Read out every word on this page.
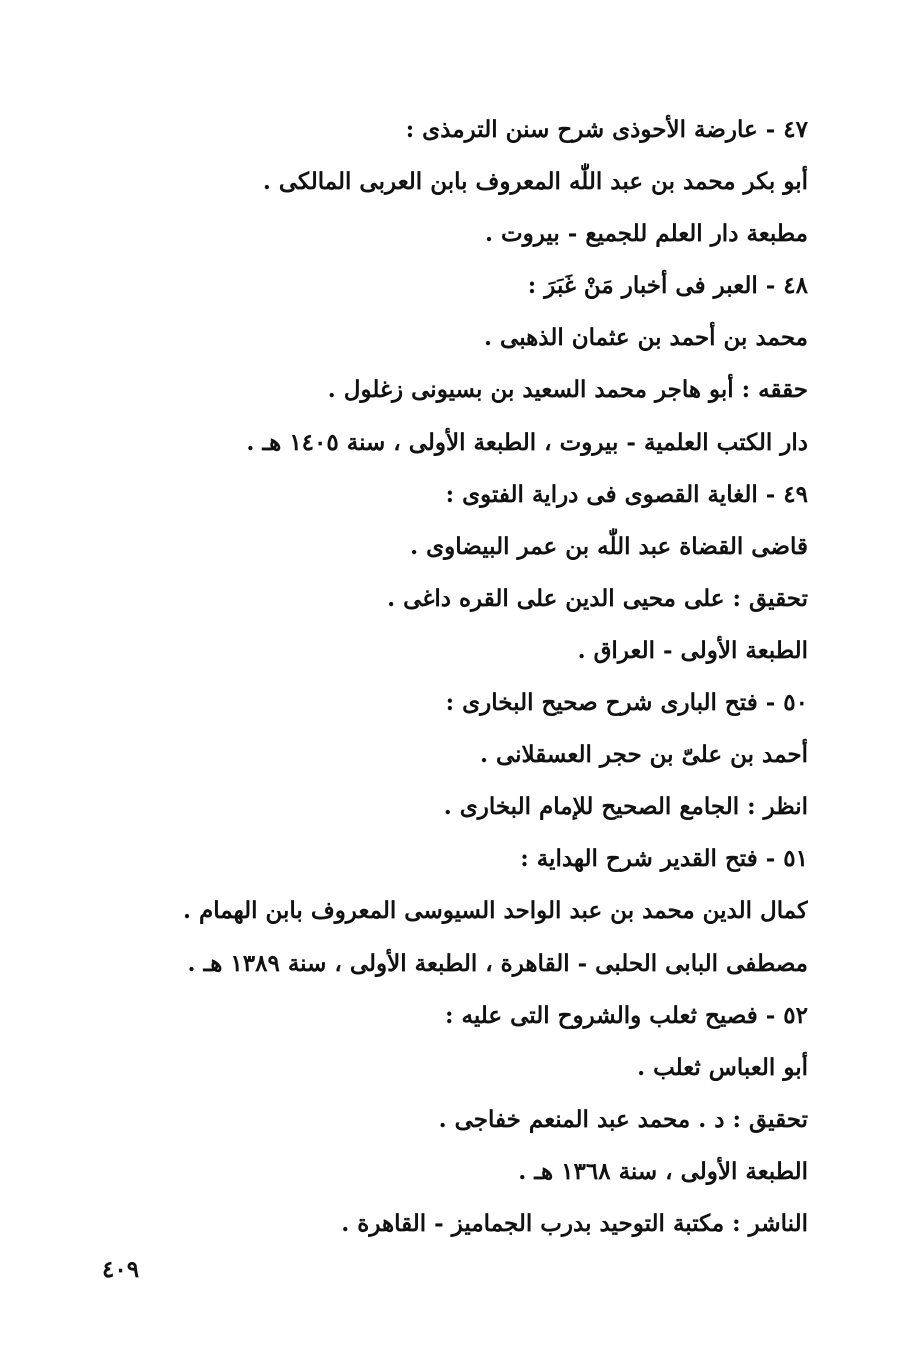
٤٧ - عارضة الأحوذى شرح سنن الترمذى :
أبو بكر محمد بن عبد اللّٰه المعروف بابن العربى المالكى .
مطبعة دار العلم للجميع - بيروت .
٤٨ - العبر فى أخبار مَنْ غَبَرَ :
محمد بن أحمد بن عثمان الذهبى .
حققه : أبو هاجر محمد السعيد بن بسيونى زغلول .
دار الكتب العلمية - بيروت ، الطبعة الأولى ، سنة ١٤٠٥ هـ .
٤٩ - الغاية القصوى فى دراية الفتوى :
قاضى القضاة عبد اللّٰه بن عمر البيضاوى .
تحقيق : على محيى الدين على القره داغى .
الطبعة الأولى - العراق .
٥٠ - فتح البارى شرح صحيح البخارى :
أحمد بن علىّ بن حجر العسقلانى .
انظر : الجامع الصحيح للإمام البخارى .
٥١ - فتح القدير شرح الهداية :
كمال الدين محمد بن عبد الواحد السيوسى المعروف بابن الهمام .
مصطفى البابى الحلبى - القاهرة ، الطبعة الأولى ، سنة ١٣٨٩ هـ .
٥٢ - فصيح ثعلب والشروح التى عليه :
أبو العباس ثعلب .
تحقيق : د . محمد عبد المنعم خفاجى .
الطبعة الأولى ، سنة ١٣٦٨ هـ .
الناشر : مكتبة التوحيد بدرب الجماميز - القاهرة .
٤٠٩
